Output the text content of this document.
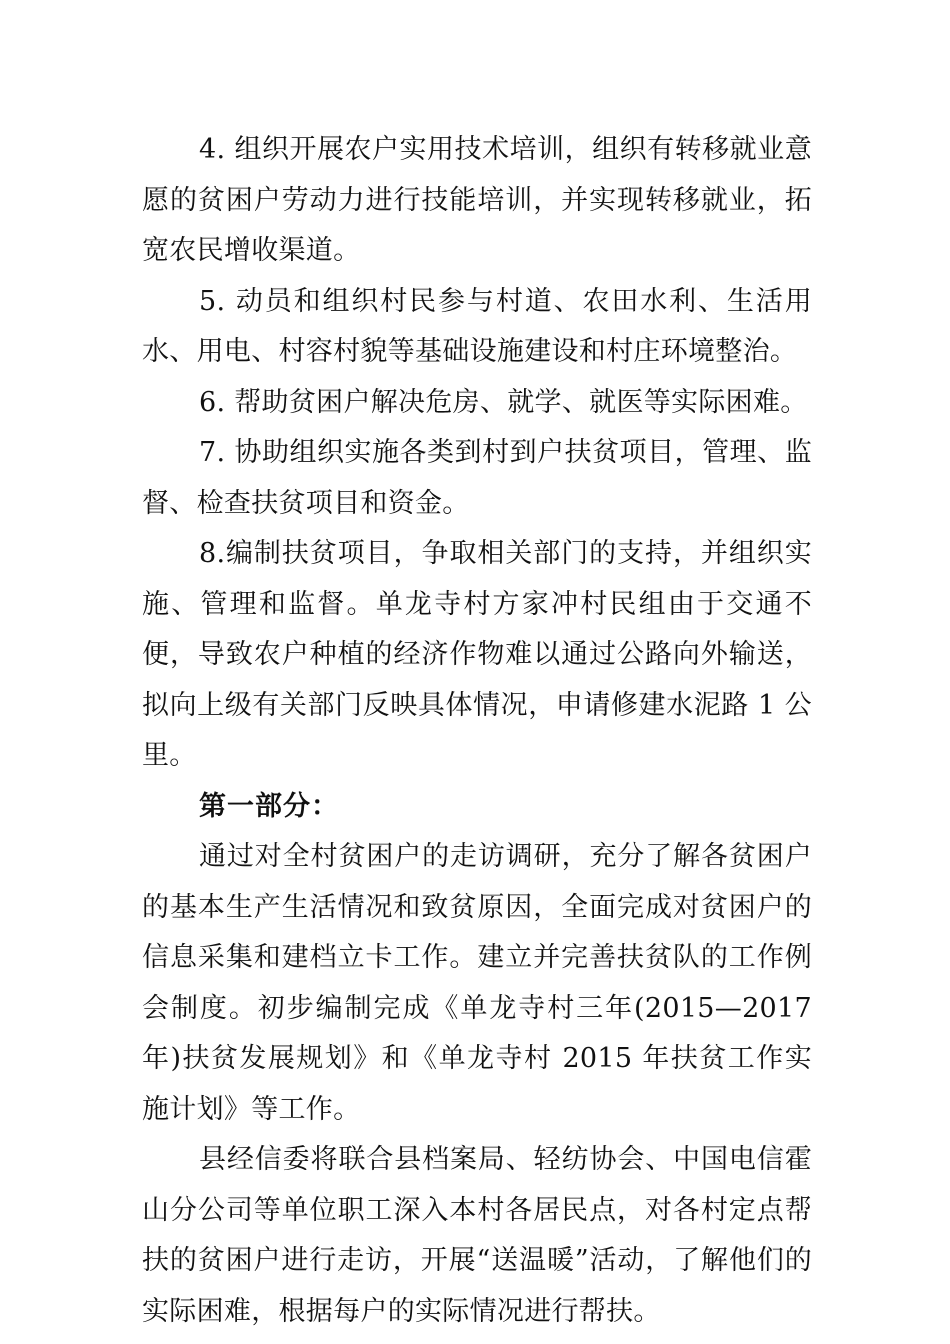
4. 组织开展农户实用技术培训，组织有转移就业意愿的贫困户劳动力进行技能培训，并实现转移就业，拓宽农民增收渠道。

5. 动员和组织村民参与村道、农田水利、生活用水、用电、村容村貌等基础设施建设和村庄环境整治。

6. 帮助贫困户解决危房、就学、就医等实际困难。

7. 协助组织实施各类到村到户扶贫项目，管理、监督、检查扶贫项目和资金。

8.编制扶贫项目，争取相关部门的支持，并组织实施、管理和监督。单龙寺村方家冲村民组由于交通不便，导致农户种植的经济作物难以通过公路向外输送，拟向上级有关部门反映具体情况，申请修建水泥路 1 公里。

第一部分：

通过对全村贫困户的走访调研，充分了解各贫困户的基本生产生活情况和致贫原因，全面完成对贫困户的信息采集和建档立卡工作。建立并完善扶贫队的工作例会制度。初步编制完成《单龙寺村三年(2015—2017 年)扶贫发展规划》和《单龙寺村 2015 年扶贫工作实施计划》等工作。

县经信委将联合县档案局、轻纺协会、中国电信霍山分公司等单位职工深入本村各居民点，对各村定点帮扶的贫困户进行走访，开展“送温暖”活动，了解他们的实际困难，根据每户的实际情况进行帮扶。
